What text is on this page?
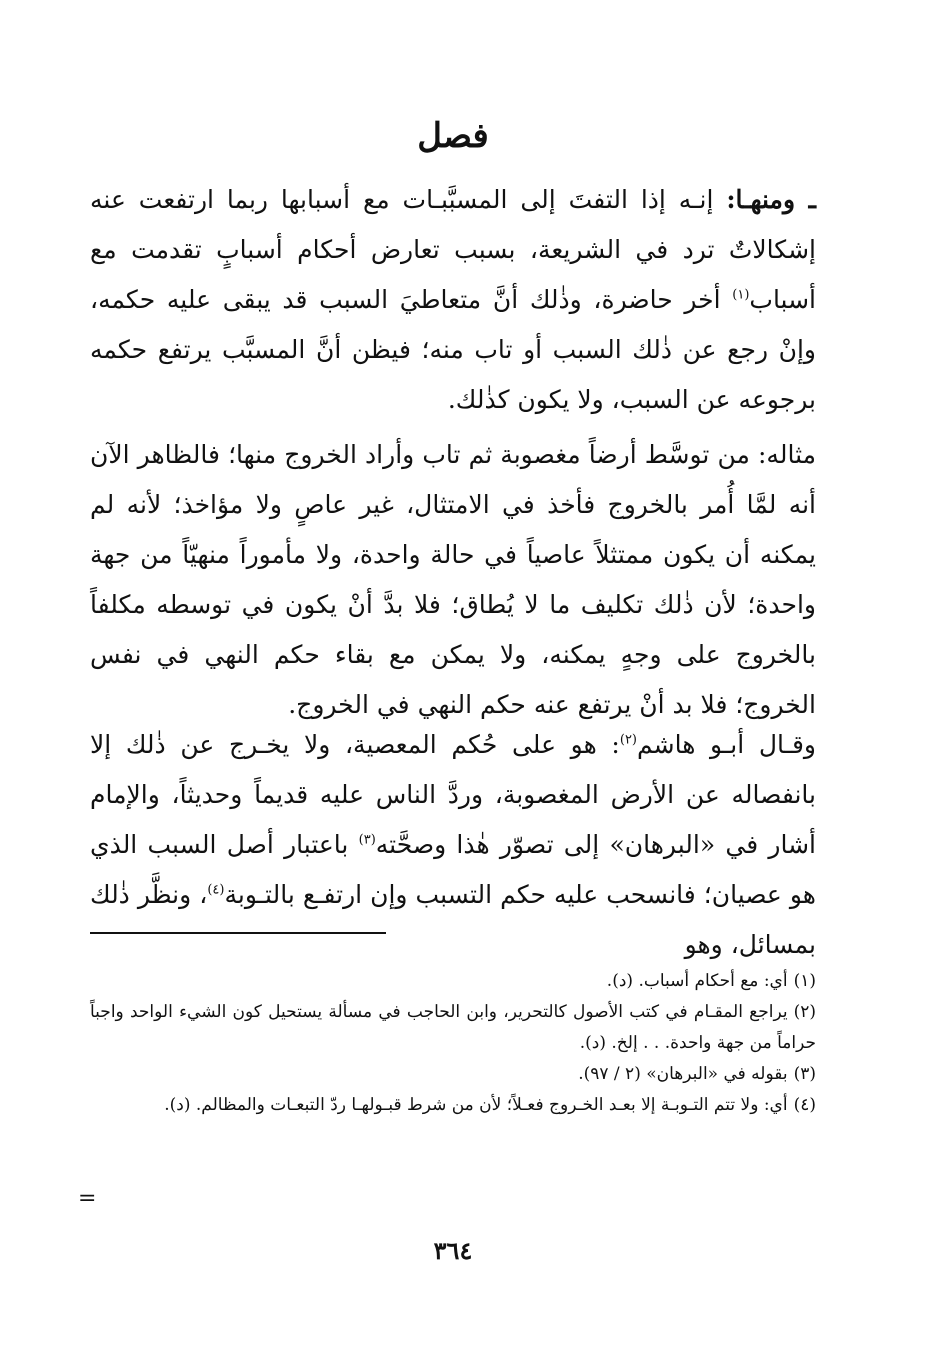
فصل

ـ ومنهـا: إنـه إذا التفتَ إلى المسبَّبـات مع أسبابها ربما ارتفعت عنه إشكالاتٌ ترد في الشريعة، بسبب تعارض أحكام أسبابٍ تقدمت مع أسباب$^{(١)}$ أخر حاضرة، وذٰلك أنَّ متعاطيَ السبب قد يبقى عليه حكمه، وإنْ رجع عن ذٰلك السبب أو تاب منه؛ فيظن أنَّ المسبَّب يرتفع حكمه برجوعه عن السبب، ولا يكون كذٰلك.

مثاله: من توسَّط أرضاً مغصوبة ثم تاب وأراد الخروج منها؛ فالظاهر الآن أنه لمَّا أُمر بالخروج فأخذ في الامتثال، غير عاصٍ ولا مؤاخذ؛ لأنه لم يمكنه أن يكون ممتثلاً عاصياً في حالة واحدة، ولا مأموراً منهيّاً من جهة واحدة؛ لأن ذٰلك تكليف ما لا يُطاق؛ فلا بدَّ أنْ يكون في توسطه مكلفاً بالخروج على وجهٍ يمكنه، ولا يمكن مع بقاء حكم النهي في نفس الخروج؛ فلا بد أنْ يرتفع عنه حكم النهي في الخروج.

وقـال أبـو هاشم$^{(٢)}$: هو على حُكم المعصية، ولا يخـرج عن ذٰلك إلا بانفصاله عن الأرض المغصوبة، وردَّ الناس عليه قديماً وحديثاً، والإمام أشار في «البرهان» إلى تصوّر هٰذا وصحَّته$^{(٣)}$ باعتبار أصل السبب الذي هو عصيان؛ فانسحب عليه حكم التسبب وإن ارتفـع بالتـوبة$^{(٤)}$، ونظَّر ذٰلك بمسائل، وهو

(١)أي: مع أحكام أسباب. (د).
(٢)يراجع المقـام في كتب الأصول كالتحرير، وابن الحاجب في مسألة يستحيل كون الشيء الواحد واجباً حراماً من جهة واحدة. . . إلخ. (د).
(٣)بقوله في «البرهان» (٢ / ٩٧).
(٤)أي: ولا تتم التـوبـة إلا بعـد الخـروج فعـلاً؛ لأن من شرط قبـولهـا ردّ التبعـات والمظالم. (د).
٣٦٤
=
